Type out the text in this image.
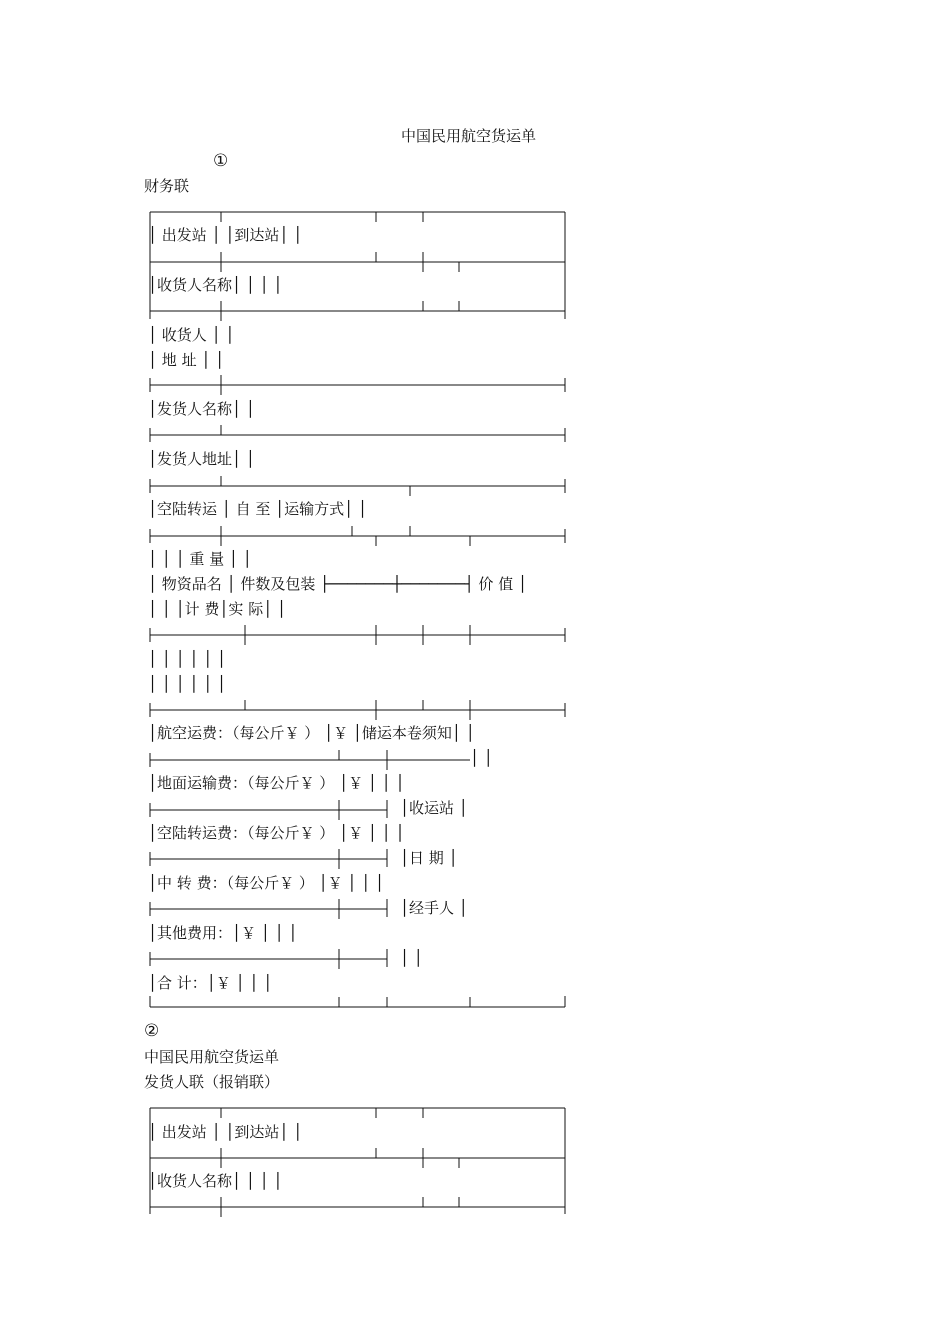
中国民用航空货运单
①
财务联
│ 出发站 │ │到达站│ │
│收货人名称│ │ │ │
│ 收货人 │ │
│ 地 址 │ │
│发货人名称│ │
│发货人地址│ │
│空陆转运 │ 自 至 │运输方式│ │
│ │ │ 重 量 │ │
│ 物资品名 │ 件数及包装 ├───────┼───────┤ 价 值 │
│ │ │计 费│实 际│ │
│ │ │ │ │ │
│ │ │ │ │ │
│航空运费：（每公斤￥ ） │￥ │储运本卷须知│ │
│ │
│地面运输费：（每公斤￥ ） │￥ │ │ │
│收运站 │
│空陆转运费：（每公斤￥ ） │￥ │ │ │
│日 期 │
│中 转 费：（每公斤￥ ） │￥ │ │ │
│经手人 │
│其他费用：│￥ │ │ │
│ │
│合 计：│￥ │ │ │
②
中国民用航空货运单
发货人联（报销联）
│ 出发站 │ │到达站│ │
│收货人名称│ │ │ │
